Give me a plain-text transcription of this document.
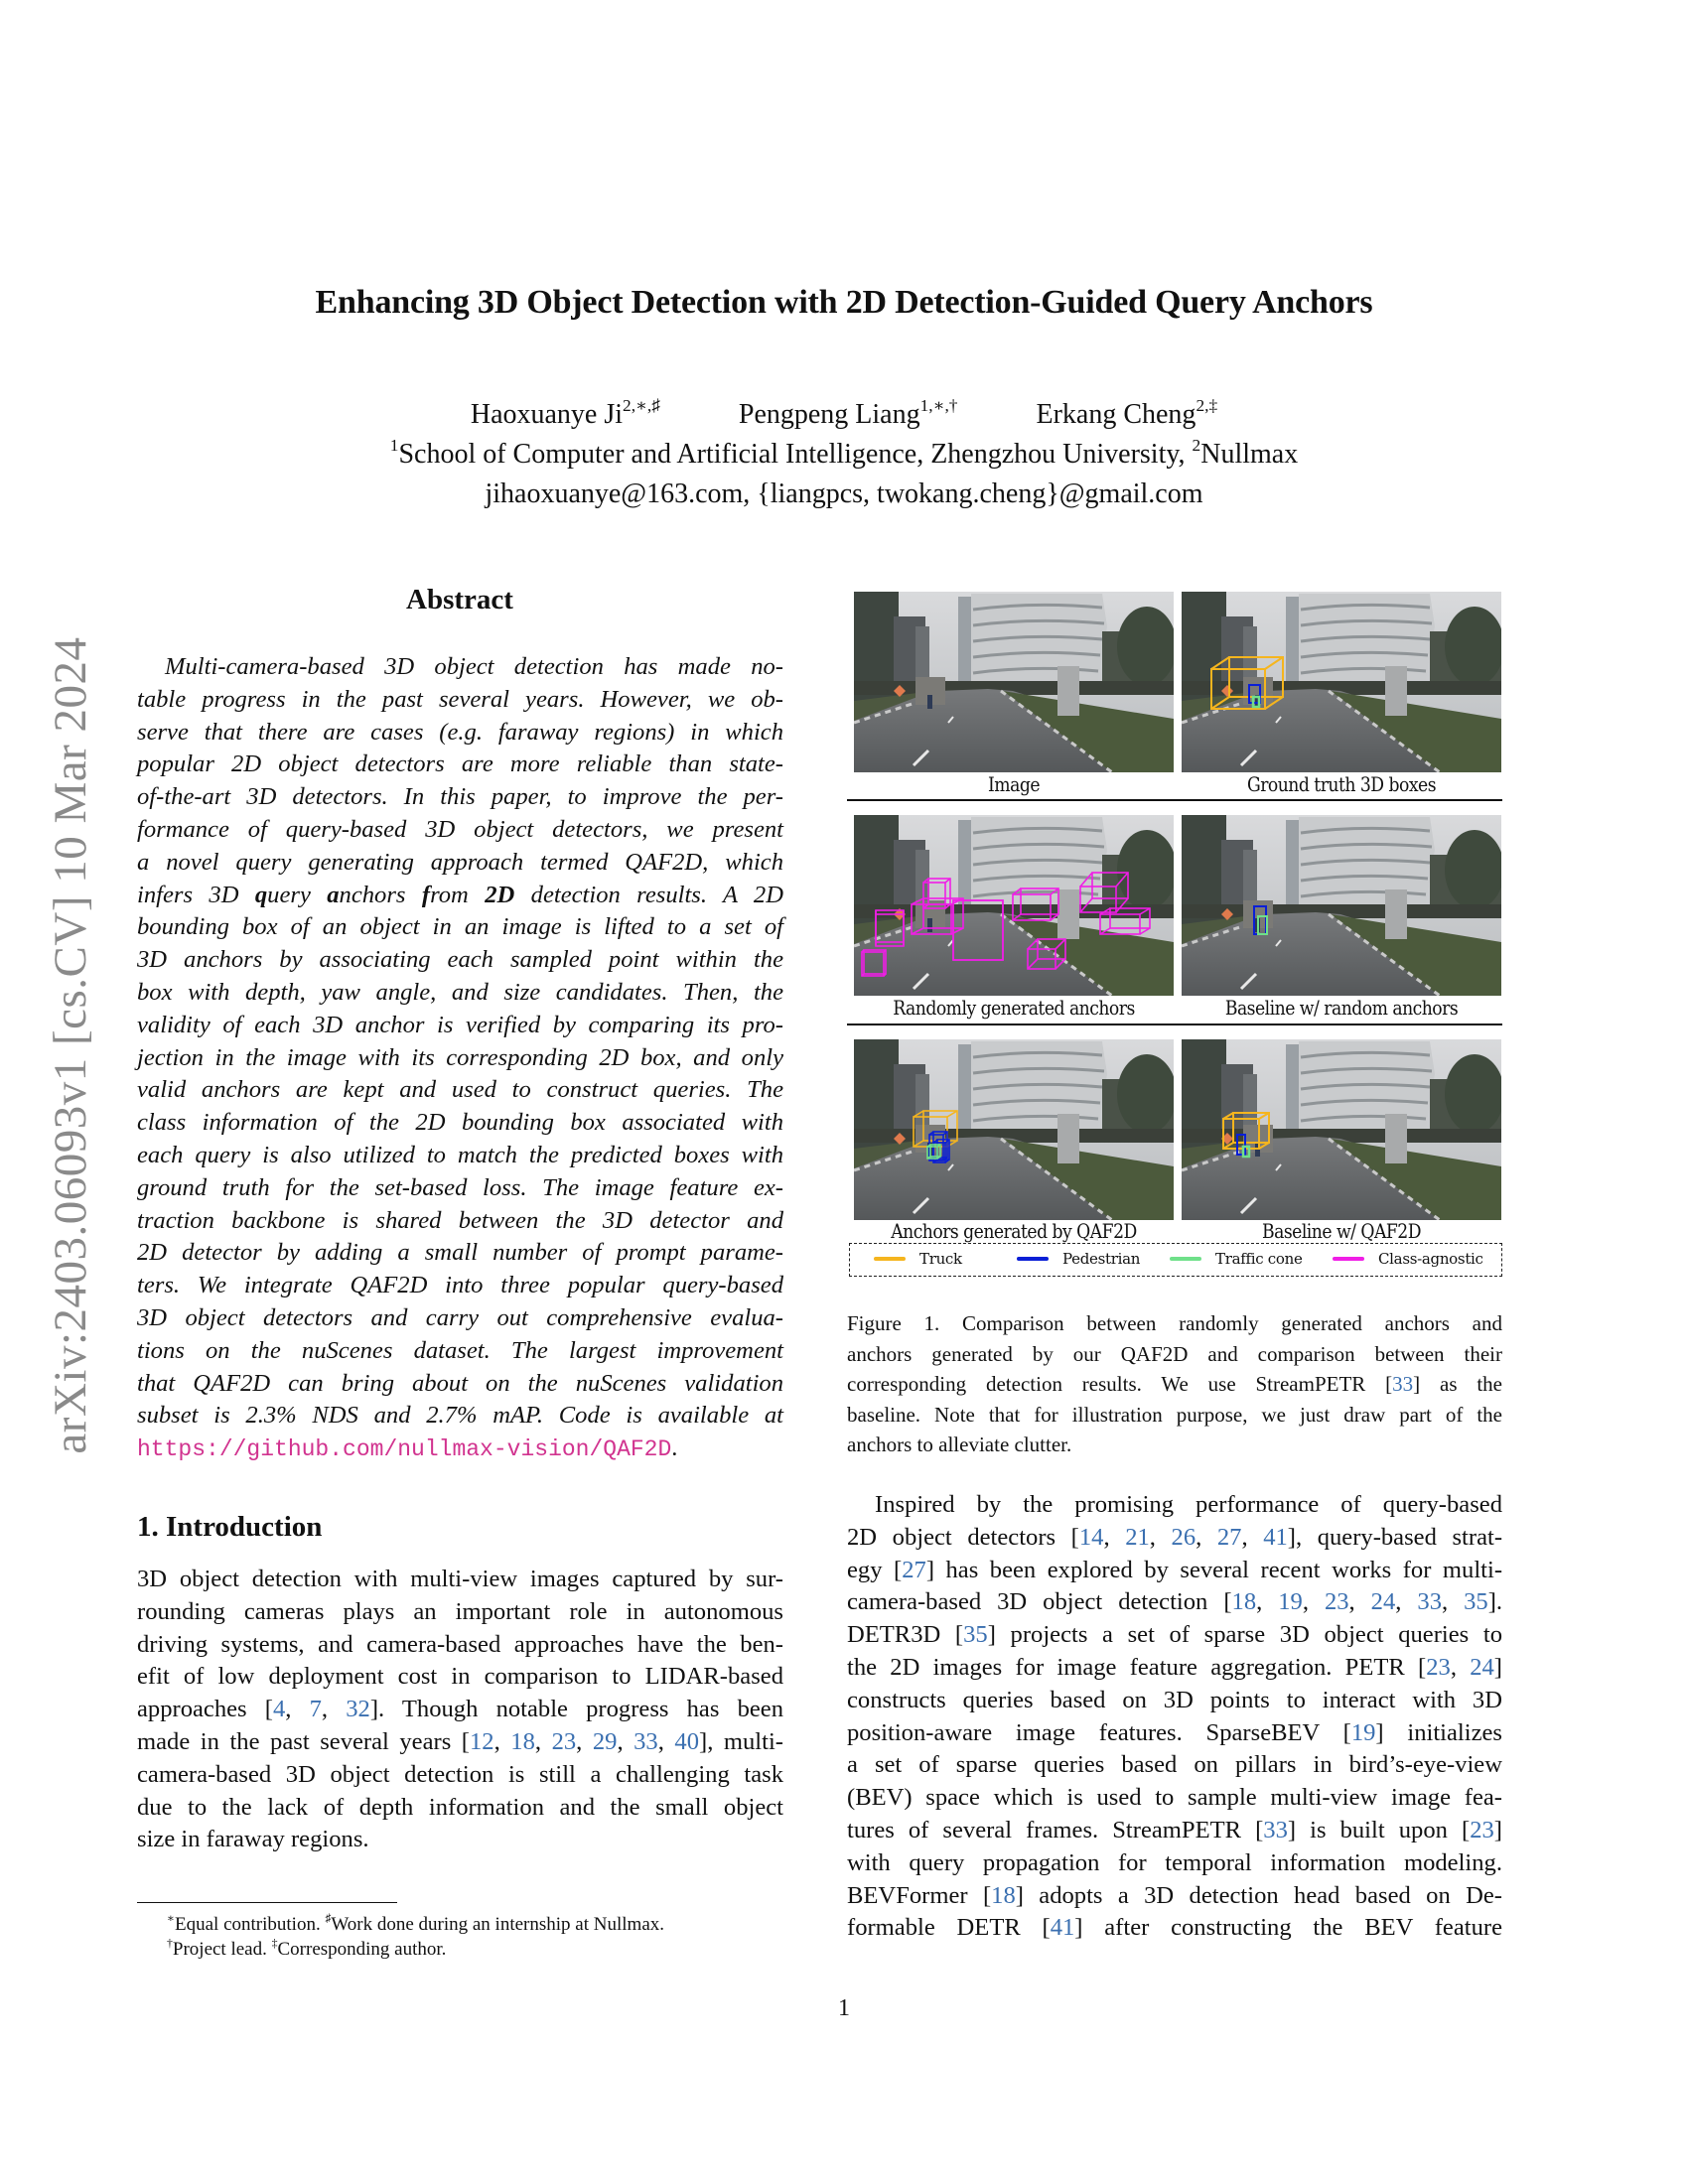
Enhancing 3D Object Detection with 2D Detection-Guided Query Anchors
Haoxuanye $Ji^{2,∗,♯}$	Pengpeng Liang$^{1,∗,\dagger}$	Erkang Cheng$^{2,\ddagger}$
$^1$School of Computer and Artificial Intelligence, Zhengzhou University, $^2$Nullmax
jihaoxuanye@163.com, {liangpcs, twokang.cheng}@gmail.com
arXiv:2403.06093v1 [cs.CV] 10 Mar 2024
Abstract
Multi-camera-based 3D object detection has made no-
table progress in the past several years. However, we ob-
serve that there are cases (e.g. faraway regions) in which
popular 2D object detectors are more reliable than state-
of-the-art 3D detectors. In this paper, to improve the per-
formance of query-based 3D object detectors, we present
a novel query generating approach termed QAF2D, which
infers 3D query anchors from 2D detection results. A 2D
bounding box of an object in an image is lifted to a set of
3D anchors by associating each sampled point within the
box with depth, yaw angle, and size candidates. Then, the
validity of each 3D anchor is verified by comparing its pro-
jection in the image with its corresponding 2D box, and only
valid anchors are kept and used to construct queries. The
class information of the 2D bounding box associated with
each query is also utilized to match the predicted boxes with
ground truth for the set-based loss. The image feature ex-
traction backbone is shared between the 3D detector and
2D detector by adding a small number of prompt parame-
ters. We integrate QAF2D into three popular query-based
3D object detectors and carry out comprehensive evalua-
tions on the nuScenes dataset. The largest improvement
that QAF2D can bring about on the nuScenes validation
subset is 2.3% NDS and 2.7% mAP. Code is available at
https://github.com/nullmax-vision/QAF2D.
1. Introduction
3D object detection with multi-view images captured by sur-
rounding cameras plays an important role in autonomous
driving systems, and camera-based approaches have the ben-
efit of low deployment cost in comparison to LIDAR-based
approaches [4, 7, 32]. Though notable progress has been
made in the past several years [12, 18, 23, 29, 33, 40], multi-
camera-based 3D object detection is still a challenging task
due to the lack of depth information and the small object
size in faraway regions.
∗Equal contribution. ♯Work done during an internship at Nullmax.
†Project lead. ‡Corresponding author.
Image	Ground truth 3D boxes
Randomly generated anchors	Baseline w/ random anchors
Anchors generated by QAF2D	Baseline w/ QAF2D
Truck	Pedestrian	Traffic cone	Class-agnostic
Figure 1. Comparison between randomly generated anchors and
anchors generated by our QAF2D and comparison between their
corresponding detection results. We use StreamPETR [33] as the
baseline. Note that for illustration purpose, we just draw part of the
anchors to alleviate clutter.
Inspired by the promising performance of query-based
2D object detectors [14, 21, 26, 27, 41], query-based strat-
egy [27] has been explored by several recent works for multi-
camera-based 3D object detection [18, 19, 23, 24, 33, 35].
DETR3D [35] projects a set of sparse 3D object queries to
the 2D images for image feature aggregation. PETR [23, 24]
constructs queries based on 3D points to interact with 3D
position-aware image features. SparseBEV [19] initializes
a set of sparse queries based on pillars in bird’s-eye-view
(BEV) space which is used to sample multi-view image fea-
tures of several frames. StreamPETR [33] is built upon [23]
with query propagation for temporal information modeling.
BEVFormer [18] adopts a 3D detection head based on De-
formable DETR [41] after constructing the BEV feature
1
